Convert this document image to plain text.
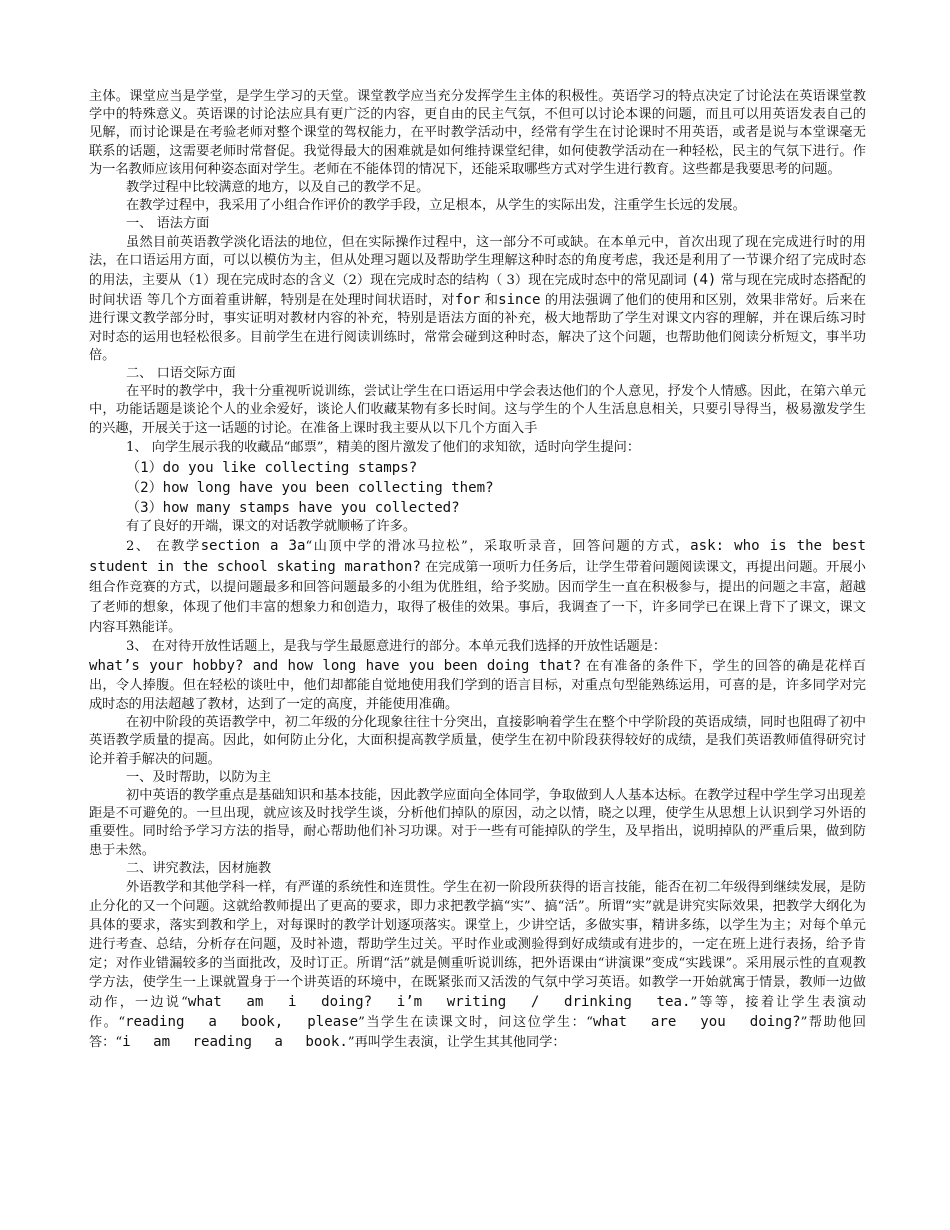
主体。课堂应当是学堂，是学生学习的天堂。课堂教学应当充分发挥学生主体的积极性。英语学习的特点决定了讨论法在英语课堂教学中的特殊意义。英语课的讨论法应具有更广泛的内容，更自由的民主气氛，不但可以讨论本课的问题，而且可以用英语发表自己的见解，而讨论课是在考验老师对整个课堂的驾权能力，在平时教学活动中，经常有学生在讨论课时不用英语，或者是说与本堂课毫无联系的话题，这需要老师时常督促。我觉得最大的困难就是如何维持课堂纪律，如何使教学活动在一种轻松，民主的气氛下进行。作为一名教师应该用何种姿态面对学生。老师在不能体罚的情况下，还能采取哪些方式对学生进行教育。这些都是我要思考的问题。

教学过程中比较满意的地方，以及自己的教学不足。

在教学过程中，我采用了小组合作评价的教学手段，立足根本，从学生的实际出发，注重学生长远的发展。

一、 语法方面

虽然目前英语教学淡化语法的地位，但在实际操作过程中，这一部分不可或缺。在本单元中，首次出现了现在完成进行时的用法，在口语运用方面，可以以模仿为主，但从处理习题以及帮助学生理解这种时态的角度考虑，我还是利用了一节课介绍了完成时态的用法，主要从（1）现在完成时态的含义（2）现在完成时态的结构（ 3）现在完成时态中的常见副词 (4) 常与现在完成时态搭配的时间状语 等几个方面着重讲解，特别是在处理时间状语时，对for 和since 的用法强调了他们的使用和区别，效果非常好。后来在进行课文教学部分时，事实证明对教材内容的补充，特别是语法方面的补充，极大地帮助了学生对课文内容的理解，并在课后练习时对时态的运用也轻松很多。目前学生在进行阅读训练时，常常会碰到这种时态，解决了这个问题，也帮助他们阅读分析短文，事半功倍。

二、 口语交际方面

在平时的教学中，我十分重视听说训练，尝试让学生在口语运用中学会表达他们的个人意见，抒发个人情感。因此，在第六单元中，功能话题是谈论个人的业余爱好，谈论人们收藏某物有多长时间。这与学生的个人生活息息相关，只要引导得当，极易激发学生的兴趣，开展关于这一话题的讨论。在准备上课时我主要从以下几个方面入手

1、 向学生展示我的收藏品“邮票”，精美的图片激发了他们的求知欲，适时向学生提问：

（1）do you like collecting stamps?

（2）how long have you been collecting them?

（3）how many stamps have you collected?

有了良好的开端，课文的对话教学就顺畅了许多。

2、 在教学section a 3a“山顶中学的滑冰马拉松”，采取听录音，回答问题的方式，ask: who is the best student in the school skating marathon? 在完成第一项听力任务后，让学生带着问题阅读课文，再提出问题。开展小组合作竞赛的方式，以提问题最多和回答问题最多的小组为优胜组，给予奖励。因而学生一直在积极参与，提出的问题之丰富，超越了老师的想象，体现了他们丰富的想象力和创造力，取得了极佳的效果。事后，我调查了一下，许多同学已在课上背下了课文，课文内容耳熟能详。

3、 在对待开放性话题上，是我与学生最愿意进行的部分。本单元我们选择的开放性话题是：

what’s your hobby? and how long have you been doing that? 在有准备的条件下，学生的回答的确是花样百出，令人捧腹。但在轻松的谈吐中，他们却都能自觉地使用我们学到的语言目标，对重点句型能熟练运用，可喜的是，许多同学对完成时态的用法超越了教材，达到了一定的高度，并能使用准确。

在初中阶段的英语教学中，初二年级的分化现象往往十分突出，直接影响着学生在整个中学阶段的英语成绩，同时也阻碍了初中英语教学质量的提高。因此，如何防止分化，大面积提高教学质量，使学生在初中阶段获得较好的成绩，是我们英语教师值得研究讨论并着手解决的问题。

一、及时帮助，以防为主

初中英语的教学重点是基础知识和基本技能，因此教学应面向全体同学，争取做到人人基本达标。在教学过程中学生学习出现差距是不可避免的。一旦出现，就应该及时找学生谈，分析他们掉队的原因，动之以情，晓之以理，使学生从思想上认识到学习外语的重要性。同时给予学习方法的指导，耐心帮助他们补习功课。对于一些有可能掉队的学生，及早指出，说明掉队的严重后果，做到防患于未然。

二、讲究教法，因材施教

外语教学和其他学科一样，有严谨的系统性和连贯性。学生在初一阶段所获得的语言技能，能否在初二年级得到继续发展，是防止分化的又一个问题。这就给教师提出了更高的要求，即力求把教学搞“实”、搞“活”。所谓“实”就是讲究实际效果，把教学大纲化为具体的要求，落实到教和学上，对每课时的教学计划逐项落实。课堂上，少讲空话，多做实事，精讲多练，以学生为主；对每个单元进行考查、总结，分析存在问题，及时补遗，帮助学生过关。平时作业或测验得到好成绩或有进步的，一定在班上进行表扬，给予肯定；对作业错漏较多的当面批改，及时订正。所谓“活”就是侧重听说训练，把外语课由“讲演课”变成“实践课”。采用展示性的直观教学方法，使学生一上课就置身于一个讲英语的环境中，在既紧张而又活泼的气氛中学习英语。如教学一开始就寓于情景，教师一边做动作，一边说“what am i doing? i’m writing / drinking tea.”等等，接着让学生表演动作。“reading a book, please”当学生在读课文时，问这位学生：“what are you doing?”帮助他回答：“i am reading a book.”再叫学生表演，让学生其其他同学：
